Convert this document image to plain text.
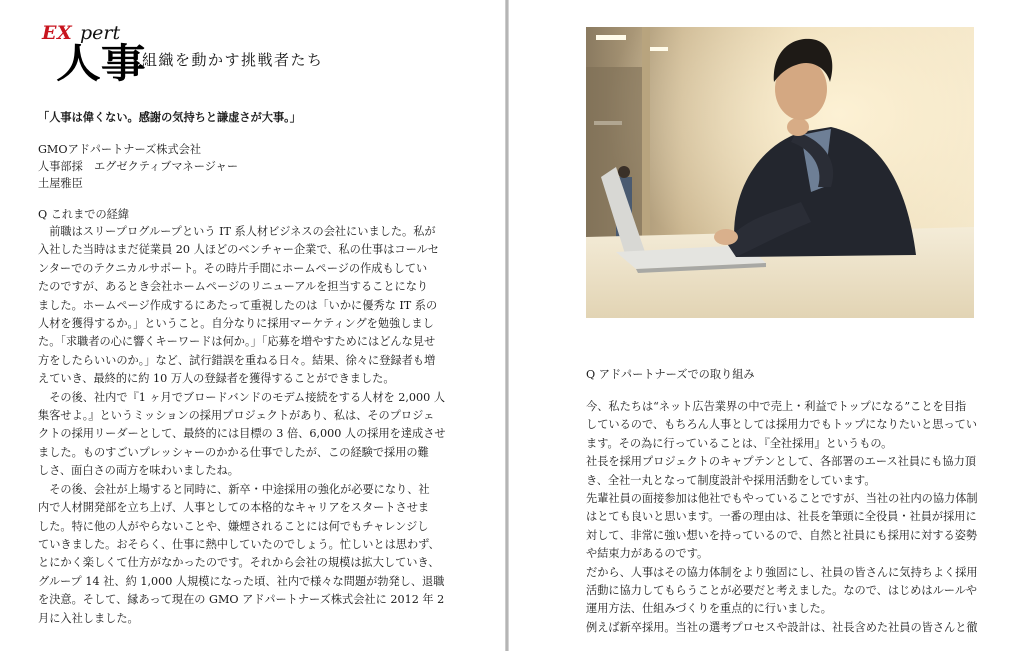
EX pert
人事
組織を動かす挑戦者たち
「人事は偉くない。感謝の気持ちと謙虚さが大事。」
GMOアドパートナーズ株式会社
人事部採　エグゼクティブマネージャー
土屋雅臣
Q これまでの経緯
　前職はスリープログループという IT 系人材ビジネスの会社にいました。私が
入社した当時はまだ従業員 20 人ほどのベンチャー企業で、私の仕事はコールセ
ンターでのテクニカルサポート。その時片手間にホームページの作成もしてい
たのですが、あるとき会社ホームページのリニューアルを担当することになり
ました。ホームページ作成するにあたって重視したのは「いかに優秀な IT 系の
人材を獲得するか。」ということ。自分なりに採用マーケティングを勉強しまし
た。「求職者の心に響くキーワードは何か。」「応募を増やすためにはどんな見せ
方をしたらいいのか。」など、試行錯誤を重ねる日々。結果、徐々に登録者も増
えていき、最終的に約 10 万人の登録者を獲得することができました。
　その後、社内で『1 ヶ月でブロードバンドのモデム接続をする人材を 2,000 人
集客せよ。』というミッションの採用プロジェクトがあり、私は、そのプロジェ
クトの採用リーダーとして、最終的には目標の 3 倍、6,000 人の採用を達成させ
ました。ものすごいプレッシャーのかかる仕事でしたが、この経験で採用の難
しさ、面白さの両方を味わいましたね。
　その後、会社が上場すると同時に、新卒・中途採用の強化が必要になり、社
内で人材開発部を立ち上げ、人事としての本格的なキャリアをスタートさせま
した。特に他の人がやらないことや、嫌煙されることには何でもチャレンジし
ていきました。おそらく、仕事に熱中していたのでしょう。忙しいとは思わず、
とにかく楽しくて仕方がなかったのです。それから会社の規模は拡大していき、
グループ 14 社、約 1,000 人規模になった頃、社内で様々な問題が勃発し、退職
を決意。そして、縁あって現在の GMO アドパートナーズ株式会社に 2012 年 2
月に入社しました。
Q アドパートナーズでの取り組み
今、私たちは“ネット広告業界の中で売上・利益でトップになる”ことを目指
しているので、もちろん人事としては採用力でもトップになりたいと思ってい
ます。その為に行っていることは、『全社採用』というもの。
社長を採用プロジェクトのキャプテンとして、各部署のエース社員にも協力頂
き、全社一丸となって制度設計や採用活動をしています。
先輩社員の面接参加は他社でもやっていることですが、当社の社内の協力体制
はとても良いと思います。一番の理由は、社長を筆頭に全役員・社員が採用に
対して、非常に強い想いを持っているので、自然と社員にも採用に対する姿勢
や結束力があるのです。
だから、人事はその協力体制をより強固にし、社員の皆さんに気持ちよく採用
活動に協力してもらうことが必要だと考えました。なので、はじめはルールや
運用方法、仕組みづくりを重点的に行いました。
例えば新卒採用。当社の選考プロセスや設計は、社長含めた社員の皆さんと徹
